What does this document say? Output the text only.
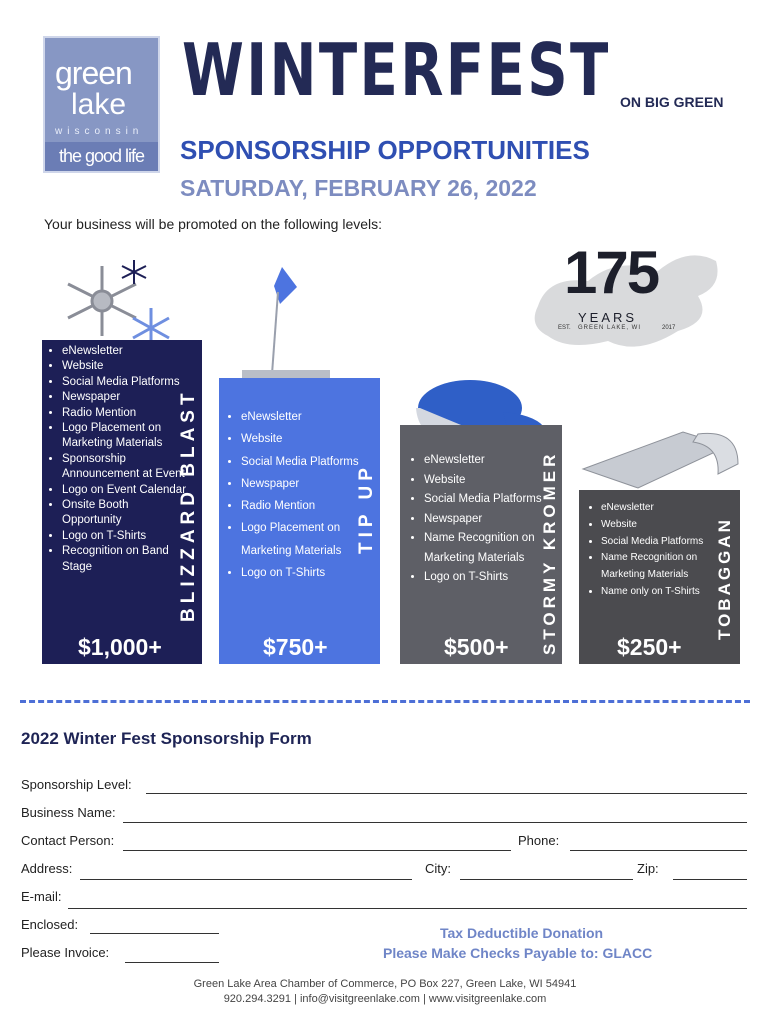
green
lake
wisconsin
the good life
WINTERFEST ON BIG GREEN
SPONSORSHIP OPPORTUNITIES
SATURDAY, FEBRUARY 26, 2022
Your business will be promoted on the following levels:
175
YEARS
EST. GREEN LAKE, WI	2017
• eNewsletter
• Website
• Social Media Platforms
• Newspaper
• Radio Mention
• Logo Placement on Marketing Materials
• Sponsorship Announcement at Event
• Logo on Event Calendar
• Onsite Booth Opportunity
• Logo on T-Shirts
• Recognition on Band Stage	BLIZZARD BLAST
$1,000+
• eNewsletter
• Website
• Social Media Platforms
• Newspaper
• Radio Mention
• Logo Placement on Marketing Materials
• Logo on T-Shirts
TIP UP
$750+
• eNewsletter
• Website
• Social Media Platforms
• Newspaper
• Name Recognition on Marketing Materials
• Logo on T-Shirts	STORMY KROMER
$500+
• eNewsletter
• Website
• Social Media Platforms
• Name Recognition on Marketing Materials
• Name only on T-Shirts TOBAGGAN
$250+
2022 Winter Fest Sponsorship Form
Sponsorship Level:
Business Name:
Contact Person:	Phone:
Address:	City:	Zip:
E-mail:
Enclosed:
Please Invoice:
Tax Deductible Donation
Please Make Checks Payable to: GLACC
Green Lake Area Chamber of Commerce, PO Box 227, Green Lake, WI 54941
920.294.3291 | info@visitgreenlake.com | www.visitgreenlake.com
